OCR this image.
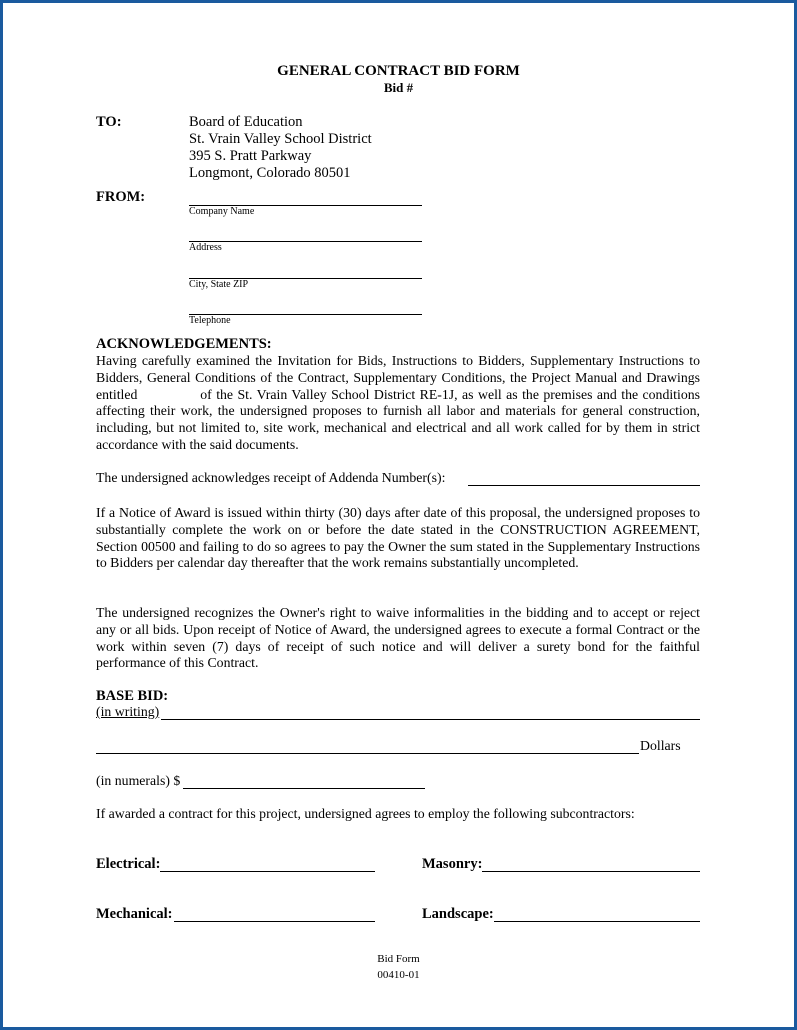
GENERAL CONTRACT BID FORM
Bid #
TO:	Board of Education
St. Vrain Valley School District
395 S. Pratt Parkway
Longmont, Colorado 80501
FROM:
Company Name
Address
City, State ZIP
Telephone
ACKNOWLEDGEMENTS:
Having carefully examined the Invitation for Bids, Instructions to Bidders, Supplementary Instructions to Bidders, General Conditions of the Contract, Supplementary Conditions, the Project Manual and Drawings entitled	of the St. Vrain Valley School District RE-1J, as well as the premises and the conditions affecting their work, the undersigned proposes to furnish all labor and materials for general construction, including, but not limited to, site work, mechanical and electrical and all work called for by them in strict accordance with the said documents.
The undersigned acknowledges receipt of Addenda Number(s):
If a Notice of Award is issued within thirty (30) days after date of this proposal, the undersigned proposes to substantially complete the work on or before the date stated in the CONSTRUCTION AGREEMENT, Section 00500 and failing to do so agrees to pay the Owner the sum stated in the Supplementary Instructions to Bidders per calendar day thereafter that the work remains substantially uncompleted.
The undersigned recognizes the Owner's right to waive informalities in the bidding and to accept or reject any or all bids. Upon receipt of Notice of Award, the undersigned agrees to execute a formal Contract or the work within seven (7) days of receipt of such notice and will deliver a surety bond for the faithful performance of this Contract.
BASE BID:
(in writing)
Dollars
(in numerals) $
If awarded a contract for this project, undersigned agrees to employ the following subcontractors:
Electrical:	Masonry:
Mechanical:	Landscape:
Bid Form
00410-01
